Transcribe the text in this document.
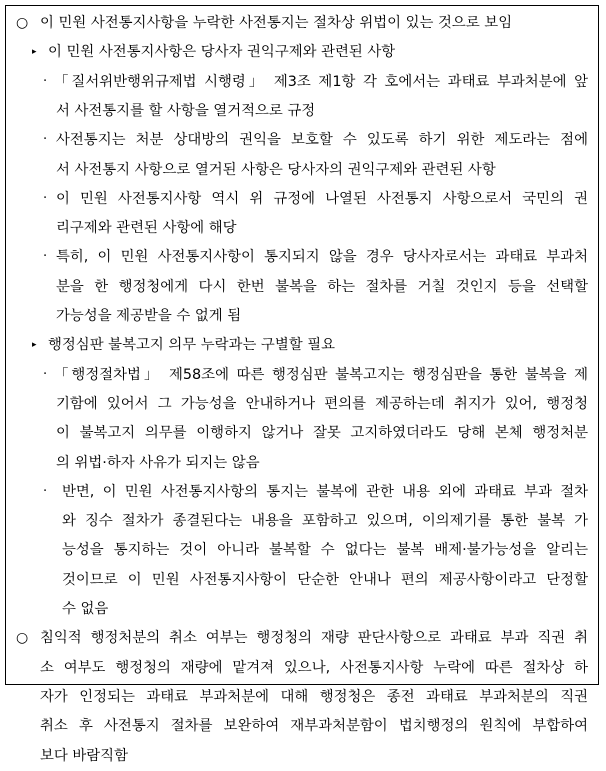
○ 이 민원 사전통지사항을 누락한 사전통지는 절차상 위법이 있는 것으로 보임
▸ 이 민원 사전통지사항은 당사자 권익구제와 관련된 사항
· 「질서위반행위규제법 시행령」 제3조 제1항 각 호에서는 과태료 부과처분에 앞
서 사전통지를 할 사항을 열거적으로 규정
· 사전통지는 처분 상대방의 권익을 보호할 수 있도록 하기 위한 제도라는 점에
서 사전통지 사항으로 열거된 사항은 당사자의 권익구제와 관련된 사항
· 이 민원 사전통지사항 역시 위 규정에 나열된 사전통지 사항으로서 국민의 권
리구제와 관련된 사항에 해당
· 특히, 이 민원 사전통지사항이 통지되지 않을 경우 당사자로서는 과태료 부과처
분을 한 행정청에게 다시 한번 불복을 하는 절차를 거칠 것인지 등을 선택할
가능성을 제공받을 수 없게 됨
▸ 행정심판 불복고지 의무 누락과는 구별할 필요
· 「행정절차법」 제58조에 따른 행정심판 불복고지는 행정심판을 통한 불복을 제
기함에 있어서 그 가능성을 안내하거나 편의를 제공하는데 취지가 있어, 행정청
이 불복고지 의무를 이행하지 않거나 잘못 고지하였더라도 당해 본체 행정처분
의 위법·하자 사유가 되지는 않음
· 반면, 이 민원 사전통지사항의 통지는 불복에 관한 내용 외에 과태료 부과 절차
와 징수 절차가 종결된다는 내용을 포함하고 있으며, 이의제기를 통한 불복 가
능성을 통지하는 것이 아니라 불복할 수 없다는 불복 배제·불가능성을 알리는
것이므로 이 민원 사전통지사항이 단순한 안내나 편의 제공사항이라고 단정할
수 없음
○ 침익적 행정처분의 취소 여부는 행정청의 재량 판단사항으로 과태료 부과 직권 취
소 여부도 행정청의 재량에 맡겨져 있으나, 사전통지사항 누락에 따른 절차상 하
자가 인정되는 과태료 부과처분에 대해 행정청은 종전 과태료 부과처분의 직권
취소 후 사전통지 절차를 보완하여 재부과처분함이 법치행정의 원칙에 부합하여
보다 바람직함
